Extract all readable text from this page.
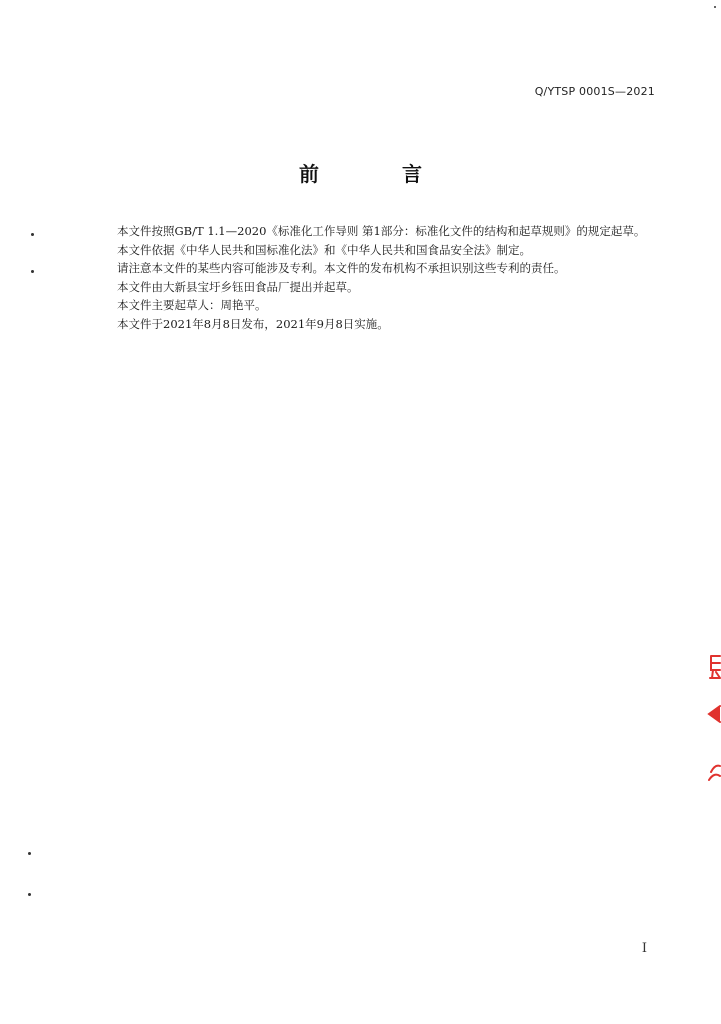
Q/YTSP 0001S—2021
前 言

本文件按照GB/T 1.1—2020《标准化工作导则 第1部分：标准化文件的结构和起草规则》的规定起草。

本文件依据《中华人民共和国标准化法》和《中华人民共和国食品安全法》制定。

请注意本文件的某些内容可能涉及专利。本文件的发布机构不承担识别这些专利的责任。

本文件由大新县宝圩乡钰田食品厂提出并起草。

本文件主要起草人：周艳平。

本文件于2021年8月8日发布，2021年9月8日实施。

I
